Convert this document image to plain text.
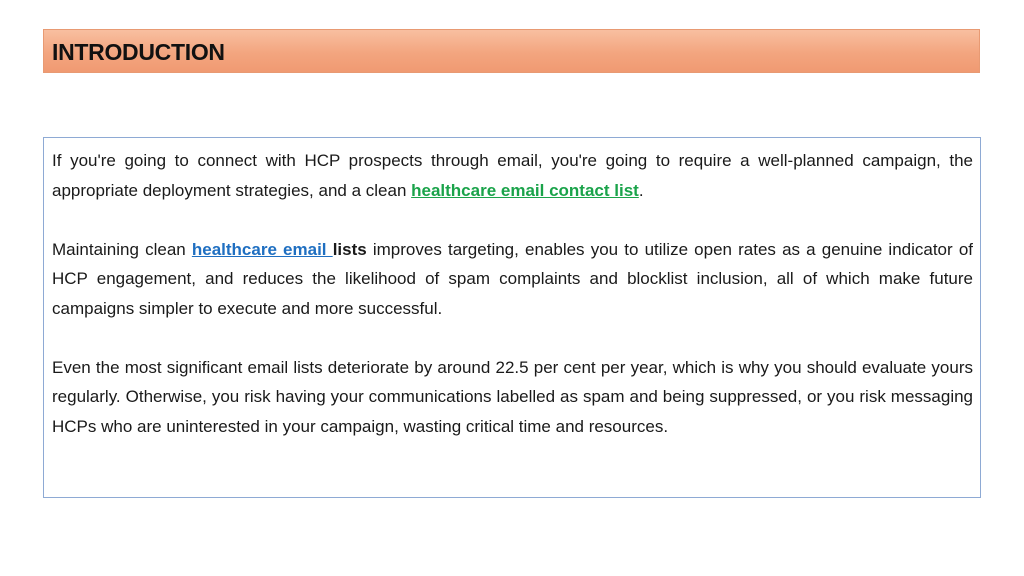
INTRODUCTION

If you're going to connect with HCP prospects through email, you're going to require a well-planned campaign, the appropriate deployment strategies, and a clean healthcare email contact list.

Maintaining clean healthcare email lists improves targeting, enables you to utilize open rates as a genuine indicator of HCP engagement, and reduces the likelihood of spam complaints and blocklist inclusion, all of which make future campaigns simpler to execute and more successful.

Even the most significant email lists deteriorate by around 22.5 per cent per year, which is why you should evaluate yours regularly. Otherwise, you risk having your communications labelled as spam and being suppressed, or you risk messaging HCPs who are uninterested in your campaign, wasting critical time and resources.
